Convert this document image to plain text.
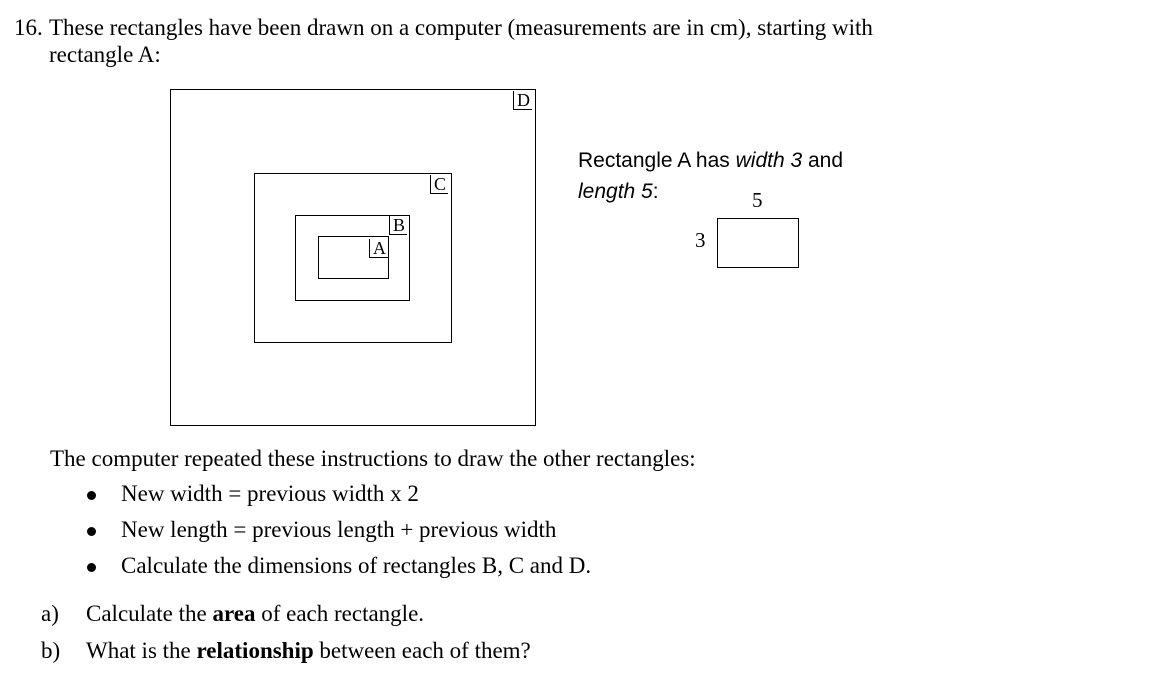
16. These rectangles have been drawn on a computer (measurements are in cm), starting with
rectangle A:
D
C
B
A
Rectangle A has width 3 and
length 5:	5
3
The computer repeated these instructions to draw the other rectangles:
New width = previous width x 2
New length = previous length + previous width
Calculate the dimensions of rectangles B, C and D.
a) Calculate the area of each rectangle.
b) What is the relationship between each of them?
